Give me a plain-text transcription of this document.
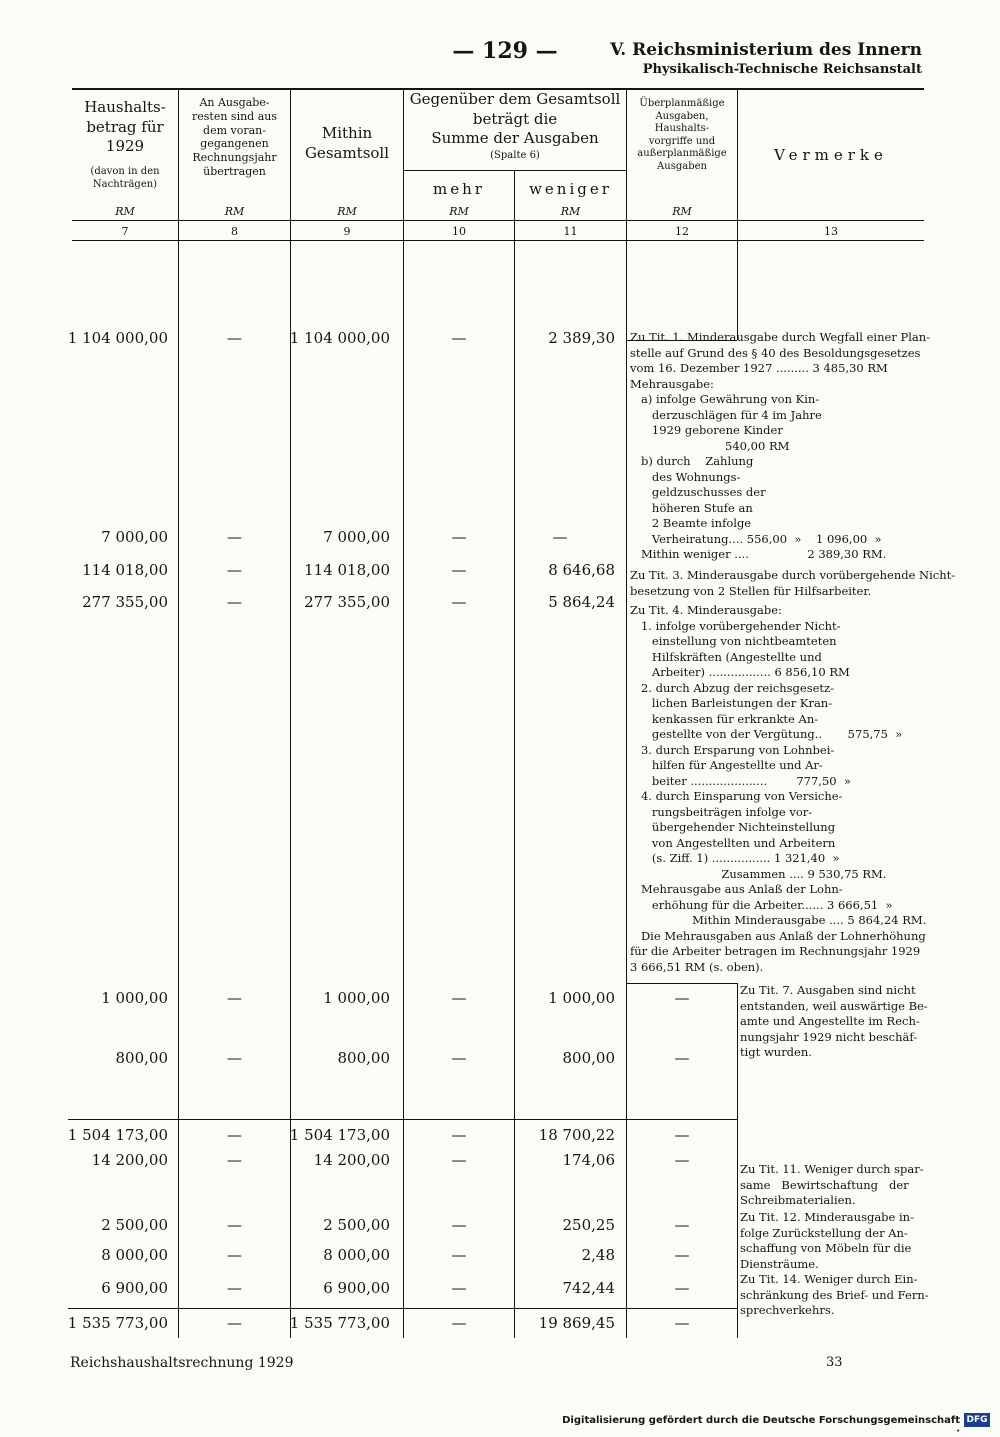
— 129 —	V. Reichsministerium des Innern
Physikalisch-Technische Reichsanstalt
Haushalts-
betrag für
1929
(davon in den
Nachträgen)
An Ausgabe-
resten sind aus
dem voran-
gegangenen
Rechnungsjahr
übertragen
Mithin
Gesamtsoll
Gegenüber dem Gesamtsoll
beträgt die
Summe der Ausgaben
(Spalte 6)
mehr	weniger
Überplanmäßige
Ausgaben,
Haushalts-
vorgriffe und
außerplanmäßige
Ausgaben
Vermerke
RM	RM	RM	RM	RM	RM
7	8	9	10	11	12	13
1 104 000,00	—	1 104 000,00	—	2 389,30
7 000,00	—	7 000,00	—	—
114 018,00	—	114 018,00	—	8 646,68
277 355,00	—	277 355,00	—	5 864,24
1 000,00	—	1 000,00	—	1 000,00	—
800,00	—	800,00	—	800,00	—
1 504 173,00	—	1 504 173,00	—	18 700,22	—
14 200,00	—	14 200,00	—	174,06	—
2 500,00	—	2 500,00	—	250,25	—
8 000,00	—	8 000,00	—	2,48	—
6 900,00	—	6 900,00	—	742,44	—
1 535 773,00	—	1 535 773,00	—	19 869,45	—
Zu Tit. 1. Minderausgabe durch Wegfall einer Plan-
stelle auf Grund des § 40 des Besoldungsgesetzes
vom 16. Dezember 1927 ......... 3 485,30 RM
Mehrausgabe:
a) infolge Gewährung von Kin-
derzuschlägen für 4 im Jahre
1929 geborene Kinder
540,00 RM
b) durch    Zahlung
des Wohnungs-
geldzuschusses der
höheren Stufe an
2 Beamte infolge
Verheiratung.... 556,00  »    1 096,00  »
Mithin weniger ....                2 389,30 RM.
Zu Tit. 3. Minderausgabe durch vorübergehende Nicht-
besetzung von 2 Stellen für Hilfsarbeiter.
Zu Tit. 4. Minderausgabe:
1. infolge vorübergehender Nicht-
einstellung von nichtbeamteten
Hilfskräften (Angestellte und
Arbeiter) ................. 6 856,10 RM
2. durch Abzug der reichsgesetz-
lichen Barleistungen der Kran-
kenkassen für erkrankte An-
gestellte von der Vergütung..       575,75  »
3. durch Ersparung von Lohnbei-
hilfen für Angestellte und Ar-
beiter .....................        777,50  »
4. durch Einsparung von Versiche-
rungsbeiträgen infolge vor-
übergehender Nichteinstellung
von Angestellten und Arbeitern
(s. Ziff. 1) ................ 1 321,40  »
Zusammen .... 9 530,75 RM.
Mehrausgabe aus Anlaß der Lohn-
erhöhung für die Arbeiter...... 3 666,51  »
Mithin Minderausgabe .... 5 864,24 RM.
Die Mehrausgaben aus Anlaß der Lohnerhöhung
für die Arbeiter betragen im Rechnungsjahr 1929
3 666,51 RM (s. oben).
Zu Tit. 7. Ausgaben sind nicht
entstanden, weil auswärtige Be-
amte und Angestellte im Rech-
nungsjahr 1929 nicht beschäf-
tigt wurden.
Zu Tit. 11. Weniger durch spar-
same   Bewirtschaftung   der
Schreibmaterialien.
Zu Tit. 12. Minderausgabe in-
folge Zurückstellung der An-
schaffung von Möbeln für die
Diensträume.
Zu Tit. 14. Weniger durch Ein-
schränkung des Brief- und Fern-
sprechverkehrs.
Reichshaushaltsrechnung 1929	33
Digitalisierung gefördert durch die Deutsche Forschungsgemeinschaft ·
DFG
